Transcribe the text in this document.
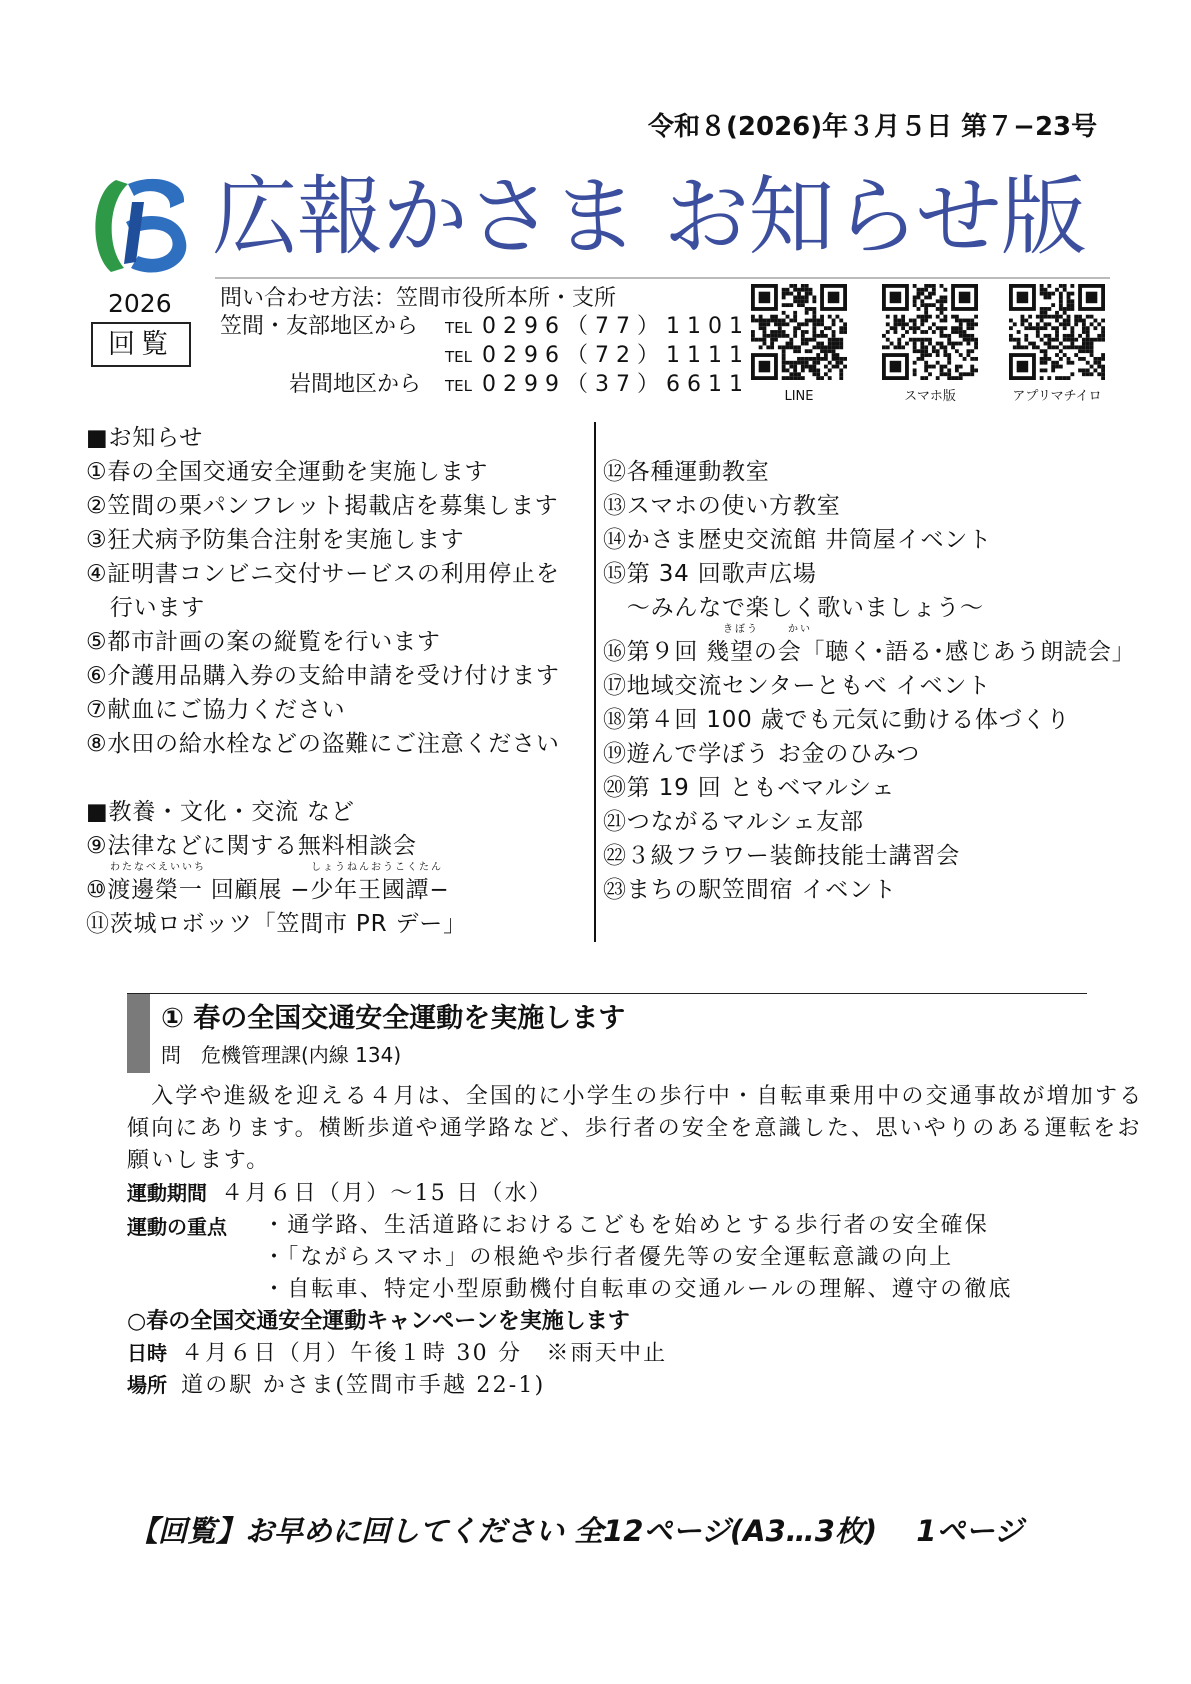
令和８(2026)年３月５日 第７−23号
広報かさま お知らせ版
2026
回覧
問い合わせ方法：笠間市役所本所・支所
笠間・友部地区から TEL 0296（77）1101
TEL 0296（72）1111
岩間地区から TEL 0299（37）6611	LINE	スマホ版	アプリマチイロ
■お知らせ
①春の全国交通安全運動を実施します
②笠間の栗パンフレット掲載店を募集します
③狂犬病予防集合注射を実施します
④証明書コンビニ交付サービスの利用停止を
　行います
⑤都市計画の案の縦覧を行います
⑥介護用品購入券の支給申請を受け付けます
⑦献血にご協力ください
⑧水田の給水栓などの盗難にご注意ください
■教養・文化・交流 など
⑨法律などに関する無料相談会
わたなべえいいち	しょうねんおうこくたん
⑩渡邊榮一 回顧展 −少年王國譚−
⑪茨城ロボッツ「笠間市 PR デー」
⑫各種運動教室
⑬スマホの使い方教室
⑭かさま歴史交流館 井筒屋イベント
⑮第 34 回歌声広場
　～みんなで楽しく歌いましょう～
きぼう	かい
⑯第９回 幾望の会「聴く･語る･感じあう朗読会」
⑰地域交流センターともべ イベント
⑱第４回 100 歳でも元気に動ける体づくり
⑲遊んで学ぼう お金のひみつ
⑳第 19 回 ともベマルシェ
㉑つながるマルシェ友部
㉒３級フラワー装飾技能士講習会
㉓まちの駅笠間宿 イベント
① 春の全国交通安全運動を実施します
問　危機管理課(内線 134)
　入学や進級を迎える４月は、全国的に小学生の歩行中・自転車乗用中の交通事故が増加する
傾向にあります。横断歩道や通学路など、歩行者の安全を意識した、思いやりのある運転をお
願いします。
運動期間 ４月６日（月）～15 日（水）
運動の重点 ・通学路、生活道路におけるこどもを始めとする歩行者の安全確保
・「ながらスマホ」の根絶や歩行者優先等の安全運転意識の向上
・自転車、特定小型原動機付自転車の交通ルールの理解、遵守の徹底
○春の全国交通安全運動キャンペーンを実施します
日時 ４月６日（月）午後１時 30 分　※雨天中止
場所 道の駅 かさま(笠間市手越 22-1)
【回覧】お早めに回してください 全12ページ(A3…3枚)　 1ページ
